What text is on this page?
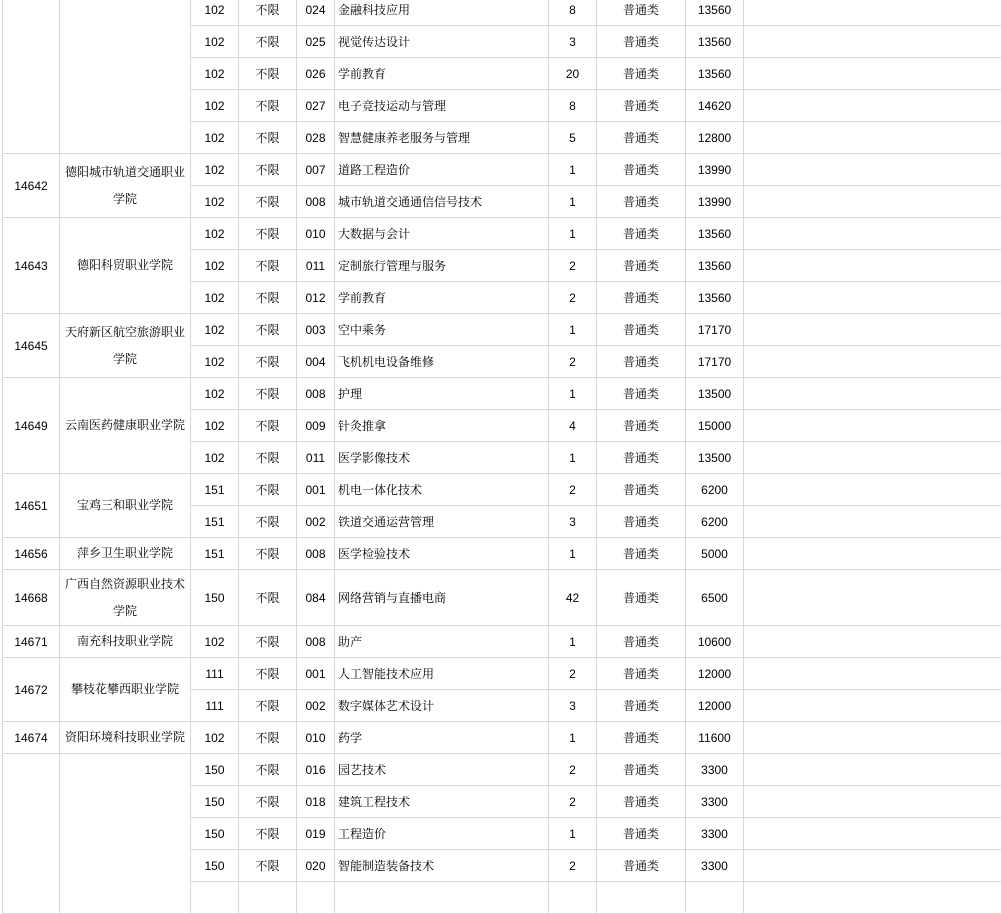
		102	不限	024	金融科技应用	8	普通类	13560	
		102	不限	025	视觉传达设计	3	普通类	13560	
		102	不限	026	学前教育	20	普通类	13560	
		102	不限	027	电子竞技运动与管理	8	普通类	14620	
		102	不限	028	智慧健康养老服务与管理	5	普通类	12800	
14642	德阳城市轨道交通职业学院	102	不限	007	道路工程造价	1	普通类	13990	
		102	不限	008	城市轨道交通通信信号技术	1	普通类	13990	
14643	德阳科贸职业学院	102	不限	010	大数据与会计	1	普通类	13560	
		102	不限	011	定制旅行管理与服务	2	普通类	13560	
		102	不限	012	学前教育	2	普通类	13560	
14645	天府新区航空旅游职业学院	102	不限	003	空中乘务	1	普通类	17170	
		102	不限	004	飞机机电设备维修	2	普通类	17170	
14649	云南医药健康职业学院	102	不限	008	护理	1	普通类	13500	
		102	不限	009	针灸推拿	4	普通类	15000	
		102	不限	011	医学影像技术	1	普通类	13500	
14651	宝鸡三和职业学院	151	不限	001	机电一体化技术	2	普通类	6200	
		151	不限	002	铁道交通运营管理	3	普通类	6200	
14656	萍乡卫生职业学院	151	不限	008	医学检验技术	1	普通类	5000	
14668	广西自然资源职业技术学院	150	不限	084	网络营销与直播电商	42	普通类	6500	
14671	南充科技职业学院	102	不限	008	助产	1	普通类	10600	
14672	攀枝花攀西职业学院	111	不限	001	人工智能技术应用	2	普通类	12000	
		111	不限	002	数字媒体艺术设计	3	普通类	12000	
14674	资阳环境科技职业学院	102	不限	010	药学	1	普通类	11600	
		150	不限	016	园艺技术	2	普通类	3300	
		150	不限	018	建筑工程技术	2	普通类	3300	
		150	不限	019	工程造价	1	普通类	3300	
		150	不限	020	智能制造装备技术	2	普通类	3300	
